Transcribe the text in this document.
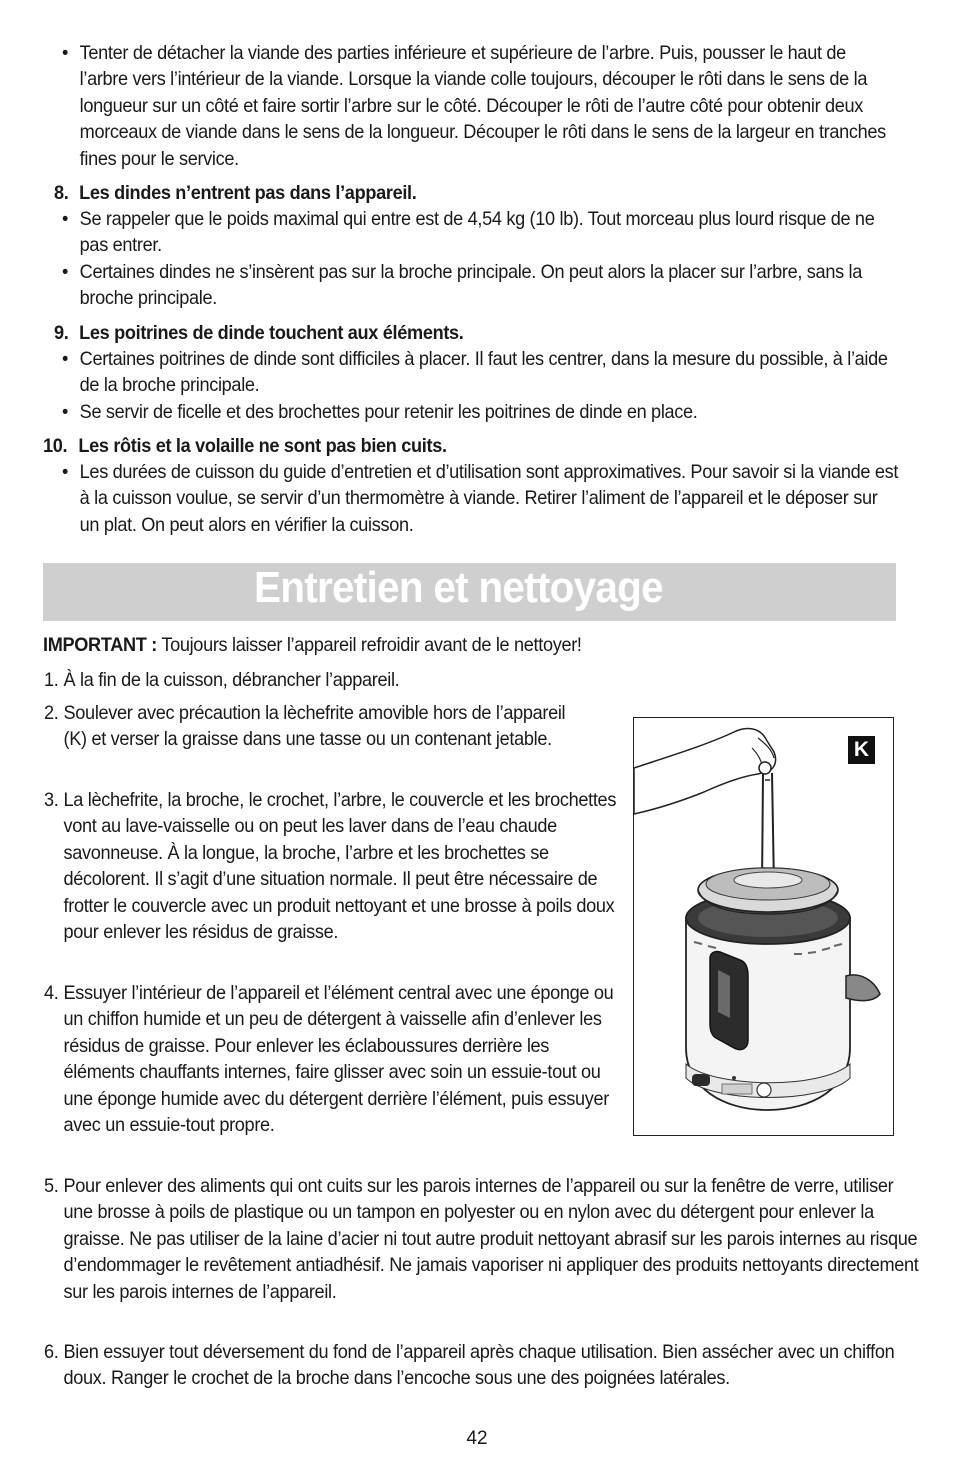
• Tenter de détacher la viande des parties inférieure et supérieure de l’arbre. Puis, pousser le haut de l’arbre vers l’intérieur de la viande. Lorsque la viande colle toujours, découper le rôti dans le sens de la longueur sur un côté et faire sortir l’arbre sur le côté. Découper le rôti de l’autre côté pour obtenir deux morceaux de viande dans le sens de la longueur. Découper le rôti dans le sens de la largeur en tranches fines pour le service.
8. Les dindes n’entrent pas dans l’appareil.
• Se rappeler que le poids maximal qui entre est de 4,54 kg (10 lb). Tout morceau plus lourd risque de ne pas entrer.
• Certaines dindes ne s’insèrent pas sur la broche principale. On peut alors la placer sur l’arbre, sans la broche principale.
9. Les poitrines de dinde touchent aux éléments.
• Certaines poitrines de dinde sont difficiles à placer. Il faut les centrer, dans la mesure du possible, à l’aide de la broche principale.
• Se servir de ficelle et des brochettes pour retenir les poitrines de dinde en place.
10. Les rôtis et la volaille ne sont pas bien cuits.
• Les durées de cuisson du guide d’entretien et d’utilisation sont approximatives. Pour savoir si la viande est à la cuisson voulue, se servir d’un thermomètre à viande. Retirer l’aliment de l’appareil et le déposer sur un plat. On peut alors en vérifier la cuisson.
Entretien et nettoyage
IMPORTANT : Toujours laisser l’appareil refroidir avant de le nettoyer!
1. À la fin de la cuisson, débrancher l’appareil.
2. Soulever avec précaution la lèchefrite amovible hors de l’appareil (K) et verser la graisse dans une tasse ou un contenant jetable.
3. La lèchefrite, la broche, le crochet, l’arbre, le couvercle et les brochettes vont au lave-vaisselle ou on peut les laver dans de l’eau chaude savonneuse. À la longue, la broche, l’arbre et les brochettes se décolorent. Il s’agit d’une situation normale. Il peut être nécessaire de frotter le couvercle avec un produit nettoyant et une brosse à poils doux pour enlever les résidus de graisse.
4. Essuyer l’intérieur de l’appareil et l’élément central avec une éponge ou un chiffon humide et un peu de détergent à vaisselle afin d’enlever les résidus de graisse. Pour enlever les éclaboussures derrière les éléments chauffants internes, faire glisser avec soin un essuie-tout ou une éponge humide avec du détergent derrière l’élément, puis essuyer avec un essuie-tout propre.
5. Pour enlever des aliments qui ont cuits sur les parois internes de l’appareil ou sur la fenêtre de verre, utiliser une brosse à poils de plastique ou un tampon en polyester ou en nylon avec du détergent pour enlever la graisse. Ne pas utiliser de la laine d’acier ni tout autre produit nettoyant abrasif sur les parois internes au risque d’endommager le revêtement antiadhésif. Ne jamais vaporiser ni appliquer des produits nettoyants directement sur les parois internes de l’appareil.
6. Bien essuyer tout déversement du fond de l’appareil après chaque utilisation. Bien assécher avec un chiffon doux. Ranger le crochet de la broche dans l’encoche sous une des poignées latérales.
K
42
